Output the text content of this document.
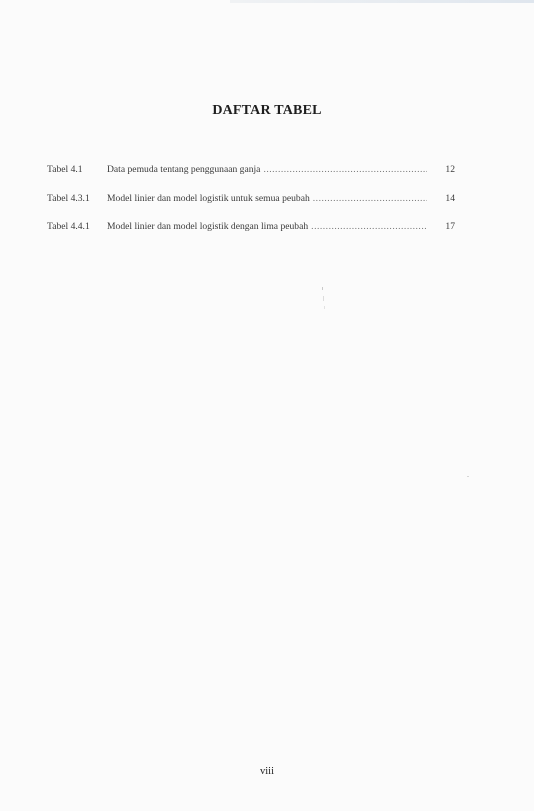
DAFTAR TABEL
Tabel 4.1	Data pemuda tentang penggunaan ganja .....	12
Tabel 4.3.1	Model linier dan model logistik untuk semua peubah .....	14
Tabel 4.4.1	Model linier dan model logistik dengan lima peubah .....	17
viii
